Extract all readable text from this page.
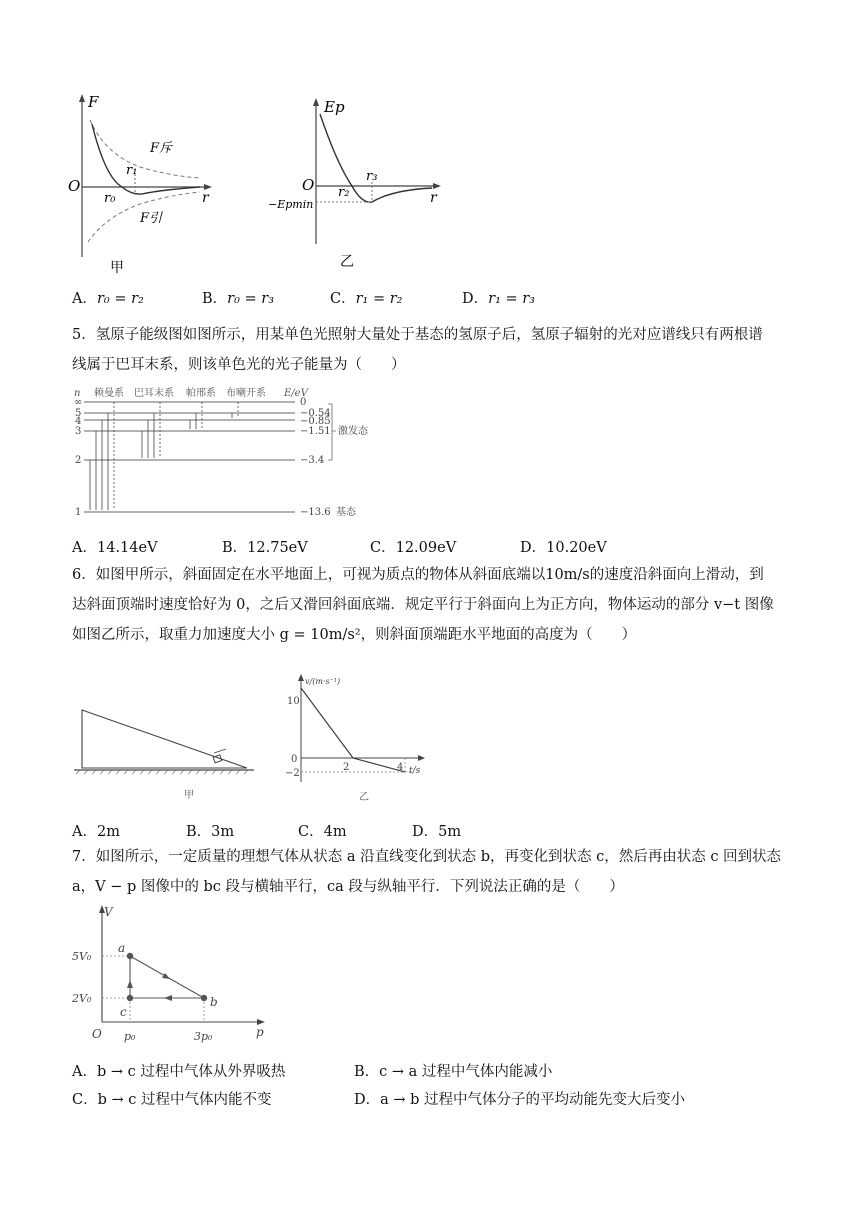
F
O
r
F斥
F引
r₀
r₁
甲
Ep
O
r
r₂
r₃
−Epmin
乙
A．r₀ = r₂	B．r₀ = r₃	C．r₁ = r₂	D．r₁ = r₃
5．氢原子能级图如图所示，用某单色光照射大量处于基态的氢原子后，氢原子辐射的光对应谱线只有两根谱
线属于巴耳末系，则该单色光的光子能量为（　　）
n 赖曼系 巴耳末系 帕邢系 布喇开系 E/eV
∞
5
4
3
2
1
0
−0.54
−0.85
−1.51
−3.4
−13.6
激发态
基态
A．14.14eV	B．12.75eV	C．12.09eV	D．10.20eV
6．如图甲所示，斜面固定在水平地面上，可视为质点的物体从斜面底端以10m/s的速度沿斜面向上滑动，到
达斜面顶端时速度恰好为 0，之后又滑回斜面底端．规定平行于斜面向上为正方向，物体运动的部分 v−t 图像
如图乙所示，取重力加速度大小 g = 10m/s²，则斜面顶端距水平地面的高度为（　　）
甲
v/(m·s⁻¹)
t/s
10
0
−2
2	4
乙
A．2m	B．3m	C．4m	D．5m
7．如图所示，一定质量的理想气体从状态 a 沿直线变化到状态 b，再变化到状态 c，然后再由状态 c 回到状态
a，V − p 图像中的 bc 段与横轴平行，ca 段与纵轴平行．下列说法正确的是（　　）
V
p
O
5V₀
2V₀
p₀	3p₀
a
b
c
A．b → c 过程中气体从外界吸热	B．c → a 过程中气体内能减小
C．b → c 过程中气体内能不变	D．a → b 过程中气体分子的平均动能先变大后变小
